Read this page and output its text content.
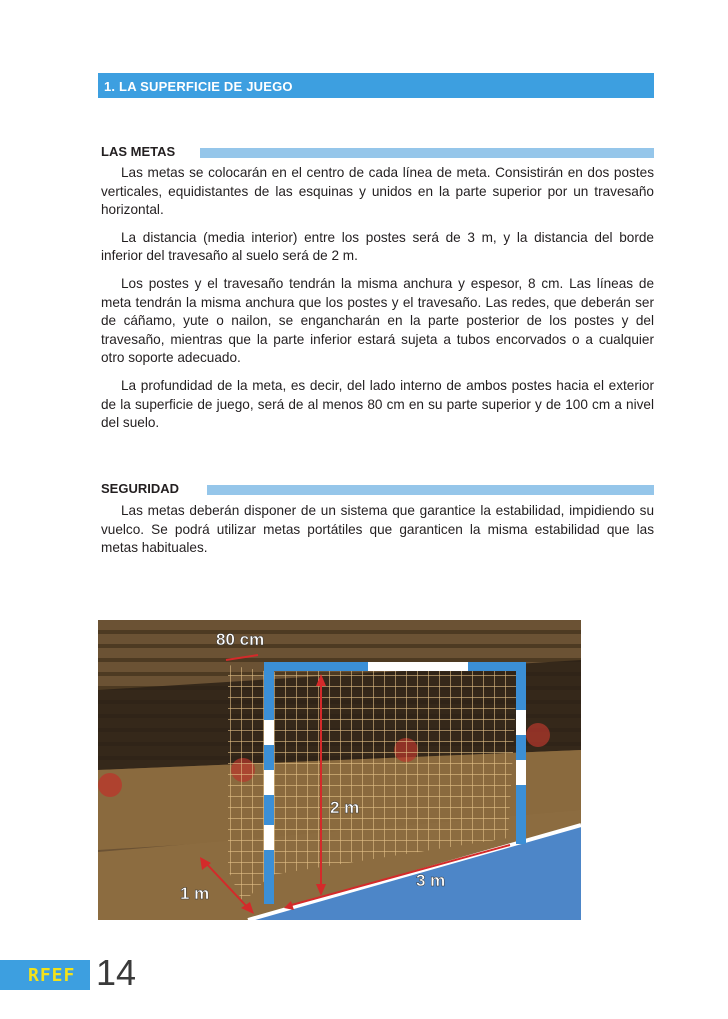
1. LA SUPERFICIE DE JUEGO
LAS METAS

Las metas se colocarán en el centro de cada línea de meta. Consistirán en dos postes verticales, equidistantes de las esquinas y unidos en la parte superior por un travesaño horizontal.

La distancia (media interior) entre los postes será de 3 m, y la distancia del borde inferior del travesaño al suelo será de 2 m.

Los postes y el travesaño tendrán la misma anchura y espesor, 8 cm. Las líneas de meta tendrán la misma anchura que los postes y el travesaño. Las redes, que deberán ser de cáñamo, yute o nailon, se engancharán en la parte posterior de los postes y del travesaño, mientras que la parte inferior estará sujeta a tubos encorvados o a cualquier otro soporte adecuado.

La profundidad de la meta, es decir, del lado interno de ambos postes hacia el exterior de la superficie de juego, será de al menos 80 cm en su parte superior y de 100 cm a nivel del suelo.

SEGURIDAD

Las metas deberán disponer de un sistema que garantice la estabilidad, impidiendo su vuelco. Se podrá utilizar metas portátiles que garanticen la misma estabilidad que las metas habituales.

80 cm
2 m
3 m
1 m
RFEF 14
